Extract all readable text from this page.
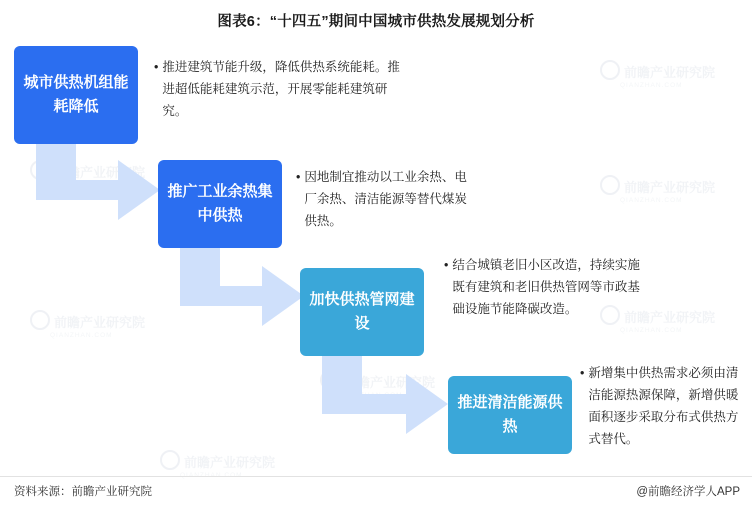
前瞻产业研究院
前瞻产业研究院
QIANZHAN.COM
前瞻产业研究院
QIANZHAN.COM
前瞻产业研究院
QIANZHAN.COM
前瞻产业研究院
QIANZHAN.COM
前瞻产业研究院
前瞻产业研究院
图表6：“十四五”期间中国城市供热发展规划分析
城市供热机组能耗降低
推广工业余热集中供热
加快供热管网建设
推进清洁能源供热
• 推进建筑节能升级，降低供热系统能耗。推进超低能耗建筑示范，开展零能耗建筑研究。
• 因地制宜推动以工业余热、电厂余热、清洁能源等替代煤炭供热。
• 结合城镇老旧小区改造，持续实施既有建筑和老旧供热管网等市政基础设施节能降碳改造。
• 新增集中供热需求必须由清洁能源热源保障，新增供暖面积逐步采取分布式供热方式替代。
资料来源：前瞻产业研究院	@前瞻经济学人APP
